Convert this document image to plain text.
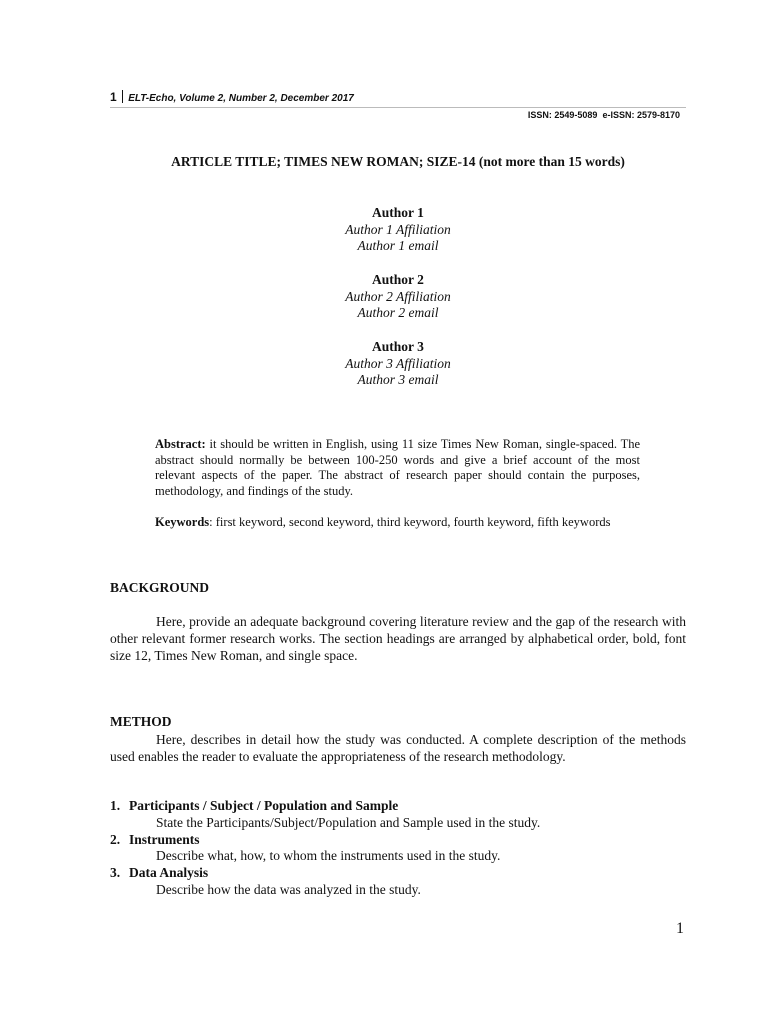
1 ELT-Echo, Volume 2, Number 2, December 2017
ISSN: 2549-5089 e-ISSN: 2579-8170
ARTICLE TITLE; TIMES NEW ROMAN; SIZE-14 (not more than 15 words)
Author 1
Author 1 Affiliation
Author 1 email
Author 2
Author 2 Affiliation
Author 2 email
Author 3
Author 3 Affiliation
Author 3 email
Abstract: it should be written in English, using 11 size Times New Roman, single-spaced. The abstract should normally be between 100-250 words and give a brief account of the most relevant aspects of the paper. The abstract of research paper should contain the purposes, methodology, and findings of the study.
Keywords: first keyword, second keyword, third keyword, fourth keyword, fifth keywords
BACKGROUND
Here, provide an adequate background covering literature review and the gap of the research with other relevant former research works. The section headings are arranged by alphabetical order, bold, font size 12, Times New Roman, and single space.
METHOD
Here, describes in detail how the study was conducted. A complete description of the methods used enables the reader to evaluate the appropriateness of the research methodology.
1. Participants / Subject / Population and Sample
State the Participants/Subject/Population and Sample used in the study.
2. Instruments
Describe what, how, to whom the instruments used in the study.
3. Data Analysis
Describe how the data was analyzed in the study.
1
